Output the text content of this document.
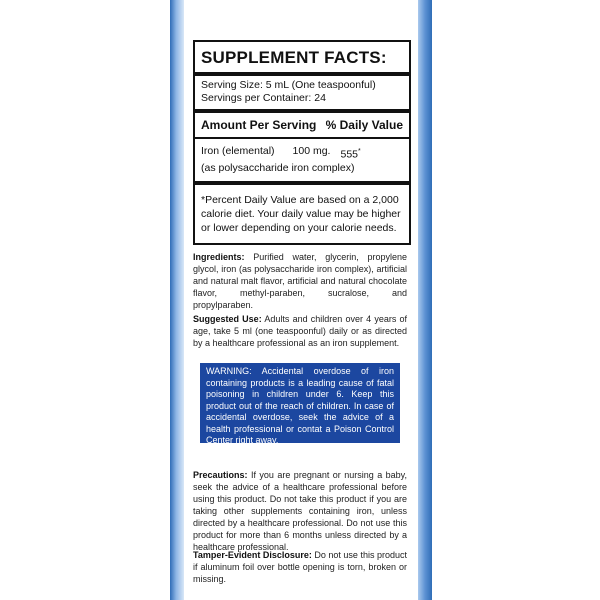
SUPPLEMENT FACTS:
Serving Size: 5 mL (One teaspoonful)
Servings per Container: 24
Amount Per Serving % Daily Value
Iron (elemental) 100 mg. 555*
(as polysaccharide iron complex)
*Percent Daily Value are based on a 2,000 calorie diet. Your daily value may be higher or lower depending on your calorie needs.
Ingredients: Purified water, glycerin, propylene glycol, iron (as polysaccharide iron complex), artificial and natural malt flavor, artificial and natural chocolate flavor, methyl-paraben, sucralose, and propylparaben.
Suggested Use: Adults and children over 4 years of age, take 5 ml (one teaspoonful) daily or as directed by a healthcare professional as an iron supplement.
WARNING: Accidental overdose of iron containing products is a leading cause of fatal poisoning in children under 6. Keep this product out of the reach of children. In case of accidental overdose, seek the advice of a health professional or contat a Poison Control Center right away.
Precautions: If you are pregnant or nursing a baby, seek the advice of a healthcare professional before using this product. Do not take this product if you are taking other supplements containing iron, unless directed by a healthcare professional. Do not use this product for more than 6 months unless directed by a healthcare professional.
Tamper-Evident Disclosure: Do not use this product if aluminum foil over bottle opening is torn, broken or missing.
